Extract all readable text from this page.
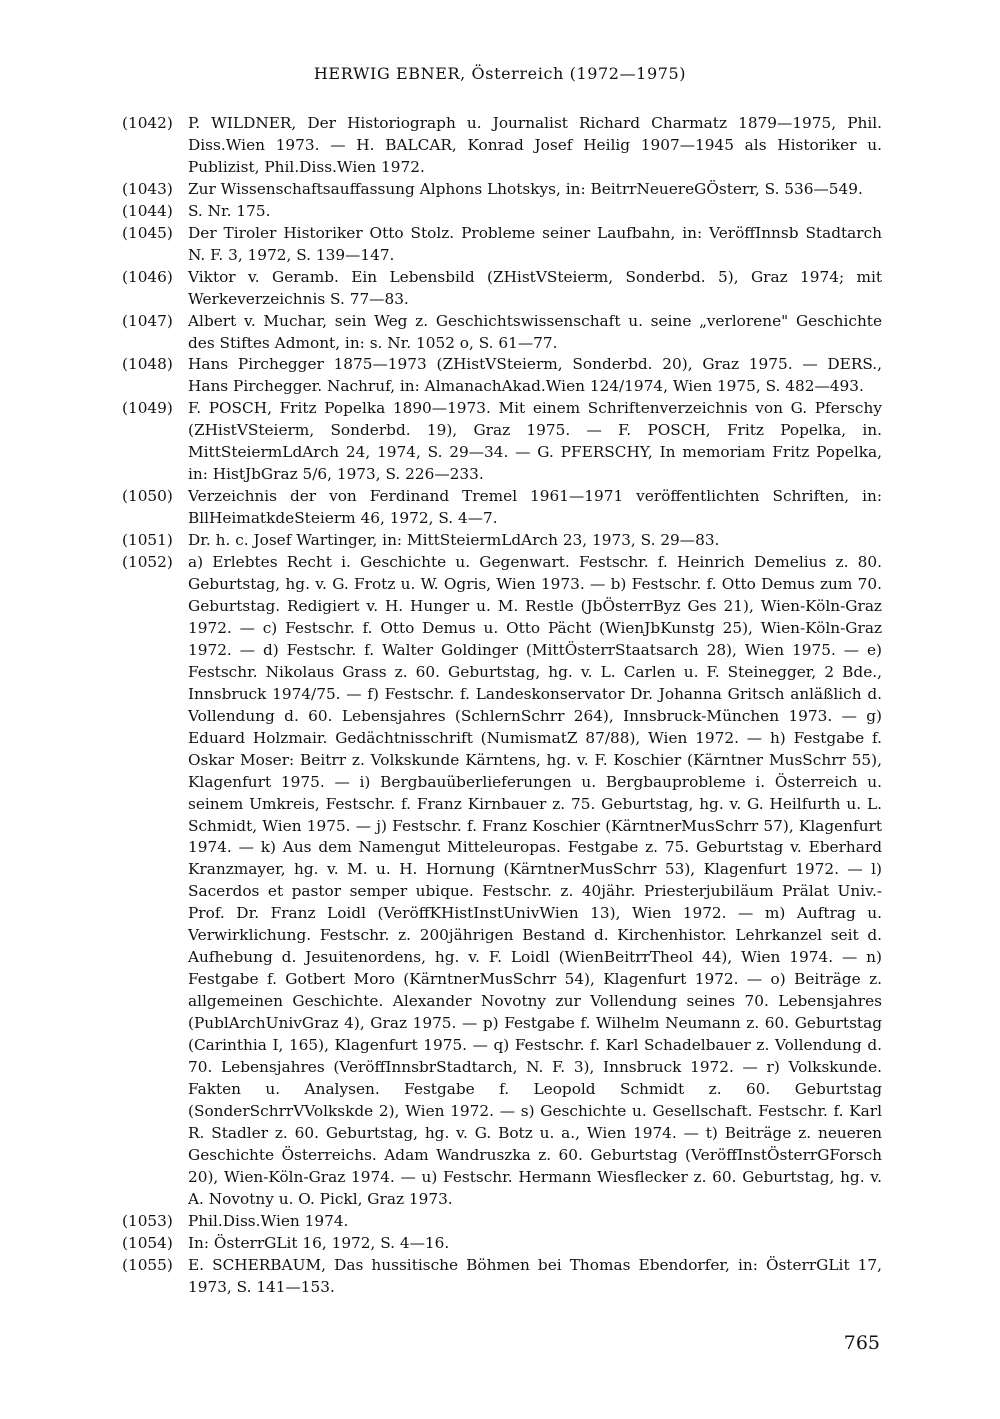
HERWIG EBNER, Österreich (1972—1975)
(1042) P. WILDNER, Der Historiograph u. Journalist Richard Charmatz 1879—1975, Phil. Diss.Wien 1973. — H. BALCAR, Konrad Josef Heilig 1907—1945 als Historiker u. Publizist, Phil.Diss.Wien 1972.
(1043) Zur Wissenschaftsauffassung Alphons Lhotskys, in: BeitrrNeuereGÖsterr, S. 536—549.
(1044) S. Nr. 175.
(1045) Der Tiroler Historiker Otto Stolz. Probleme seiner Laufbahn, in: VeröffInnsb Stadtarch N. F. 3, 1972, S. 139—147.
(1046) Viktor v. Geramb. Ein Lebensbild (ZHistVSteierm, Sonderbd. 5), Graz 1974; mit Werkeverzeichnis S. 77—83.
(1047) Albert v. Muchar, sein Weg z. Geschichtswissenschaft u. seine „verlorene" Geschichte des Stiftes Admont, in: s. Nr. 1052 o, S. 61—77.
(1048) Hans Pirchegger 1875—1973 (ZHistVSteierm, Sonderbd. 20), Graz 1975. — DERS., Hans Pirchegger. Nachruf, in: AlmanachAkad.Wien 124/1974, Wien 1975, S. 482—493.
(1049) F. POSCH, Fritz Popelka 1890—1973. Mit einem Schriftenverzeichnis von G. Pferschy (ZHistVSteierm, Sonderbd. 19), Graz 1975. — F. POSCH, Fritz Popelka, in. MittSteiermLdArch 24, 1974, S. 29—34. — G. PFERSCHY, In memoriam Fritz Popelka, in: HistJbGraz 5/6, 1973, S. 226—233.
(1050) Verzeichnis der von Ferdinand Tremel 1961—1971 veröffentlichten Schriften, in: BllHeimatkdeSteierm 46, 1972, S. 4—7.
(1051) Dr. h. c. Josef Wartinger, in: MittSteiermLdArch 23, 1973, S. 29—83.
(1052) a) Erlebtes Recht i. Geschichte u. Gegenwart. Festschr. f. Heinrich Demelius z. 80. Geburtstag, hg. v. G. Frotz u. W. Ogris, Wien 1973. — b) Festschr. f. Otto Demus zum 70. Geburtstag. Redigiert v. H. Hunger u. M. Restle (JbÖsterrByz Ges 21), Wien-Köln-Graz 1972. — c) Festschr. f. Otto Demus u. Otto Pächt (WienJbKunstg 25), Wien-Köln-Graz 1972. — d) Festschr. f. Walter Goldinger (MittÖsterrStaatsarch 28), Wien 1975. — e) Festschr. Nikolaus Grass z. 60. Geburtstag, hg. v. L. Carlen u. F. Steinegger, 2 Bde., Innsbruck 1974/75. — f) Festschr. f. Landeskonservator Dr. Johanna Gritsch anläßlich d. Vollendung d. 60. Lebensjahres (SchlernSchrr 264), Innsbruck-München 1973. — g) Eduard Holzmair. Gedächtnisschrift (NumismatZ 87/88), Wien 1972. — h) Festgabe f. Oskar Moser: Beitrr z. Volkskunde Kärntens, hg. v. F. Koschier (Kärntner MusSchrr 55), Klagenfurt 1975. — i) Bergbauüberlieferungen u. Bergbauprobleme i. Österreich u. seinem Umkreis, Festschr. f. Franz Kirnbauer z. 75. Geburtstag, hg. v. G. Heilfurth u. L. Schmidt, Wien 1975. — j) Festschr. f. Franz Koschier (KärntnerMusSchrr 57), Klagenfurt 1974. — k) Aus dem Namengut Mitteleuropas. Festgabe z. 75. Geburtstag v. Eberhard Kranzmayer, hg. v. M. u. H. Hornung (KärntnerMusSchrr 53), Klagenfurt 1972. — l) Sacerdos et pastor semper ubique. Festschr. z. 40jähr. Priesterjubiläum Prälat Univ.-Prof. Dr. Franz Loidl (VeröffKHistInstUnivWien 13), Wien 1972. — m) Auftrag u. Verwirklichung. Festschr. z. 200jährigen Bestand d. Kirchenhistor. Lehrkanzel seit d. Aufhebung d. Jesuitenordens, hg. v. F. Loidl (WienBeitrrTheol 44), Wien 1974. — n) Festgabe f. Gotbert Moro (KärntnerMusSchrr 54), Klagenfurt 1972. — o) Beiträge z. allgemeinen Geschichte. Alexander Novotny zur Vollendung seines 70. Lebensjahres (PublArchUnivGraz 4), Graz 1975. — p) Festgabe f. Wilhelm Neumann z. 60. Geburtstag (Carinthia I, 165), Klagenfurt 1975. — q) Festschr. f. Karl Schadelbauer z. Vollendung d. 70. Lebensjahres (VeröffInnsbrStadtarch, N. F. 3), Innsbruck 1972. — r) Volkskunde. Fakten u. Analysen. Festgabe f. Leopold Schmidt z. 60. Geburtstag (SonderSchrrVVolkskde 2), Wien 1972. — s) Geschichte u. Gesellschaft. Festschr. f. Karl R. Stadler z. 60. Geburtstag, hg. v. G. Botz u. a., Wien 1974. — t) Beiträge z. neueren Geschichte Österreichs. Adam Wandruszka z. 60. Geburtstag (VeröffInstÖsterrGForsch 20), Wien-Köln-Graz 1974. — u) Festschr. Hermann Wiesflecker z. 60. Geburtstag, hg. v. A. Novotny u. O. Pickl, Graz 1973.
(1053) Phil.Diss.Wien 1974.
(1054) In: ÖsterrGLit 16, 1972, S. 4—16.
(1055) E. SCHERBAUM, Das hussitische Böhmen bei Thomas Ebendorfer, in: ÖsterrGLit 17, 1973, S. 141—153.
765
